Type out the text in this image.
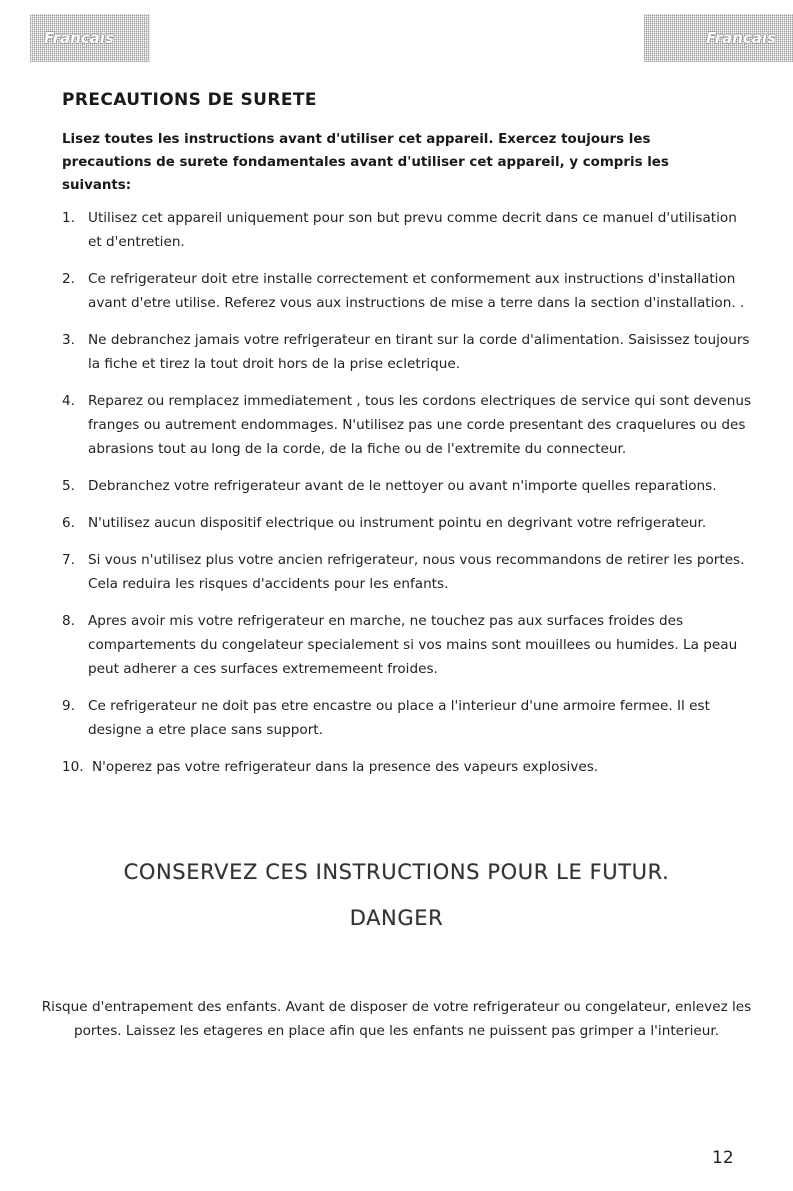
Français	Français
PRECAUTIONS DE SURETE

Lisez toutes les instructions avant d'utiliser cet appareil. Exercez toujours les precautions de surete fondamentales avant d'utiliser cet appareil, y compris les suivants:

1. Utilisez cet appareil uniquement pour son but prevu comme decrit dans ce manuel d'utilisation et d'entretien.
2. Ce refrigerateur doit etre installe correctement et conformement aux instructions d'installation avant d'etre utilise. Referez vous aux instructions de mise a terre dans la section d'installation. .
3. Ne debranchez jamais votre refrigerateur en tirant sur la corde d'alimentation. Saisissez toujours la fiche et tirez la tout droit hors de la prise ecletrique.
4. Reparez ou remplacez immediatement , tous les cordons electriques de service qui sont devenus franges ou autrement endommages. N'utilisez pas une corde presentant des craquelures ou des abrasions tout au long de la corde, de la fiche ou de l'extremite du connecteur.
5. Debranchez votre refrigerateur avant de le nettoyer ou avant n'importe quelles reparations.
6. N'utilisez aucun dispositif electrique ou instrument pointu en degrivant votre refrigerateur.
7. Si vous n'utilisez plus votre ancien refrigerateur, nous vous recommandons de retirer les portes. Cela reduira les risques d'accidents pour les enfants.
8. Apres avoir mis votre refrigerateur en marche, ne touchez pas aux surfaces froides des compartements du congelateur specialement si vos mains sont mouillees ou humides. La peau peut adherer a ces surfaces extrememeent froides.
9. Ce refrigerateur ne doit pas etre encastre ou place a l'interieur d'une armoire fermee. Il est designe a etre place sans support.
10. N'operez pas votre refrigerateur dans la presence des vapeurs explosives.
CONSERVEZ CES INSTRUCTIONS POUR LE FUTUR.
DANGER

Risque d'entrapement des enfants. Avant de disposer de votre refrigerateur ou congelateur, enlevez les portes. Laissez les etageres en place afin que les enfants ne puissent pas grimper a l'interieur.

12
